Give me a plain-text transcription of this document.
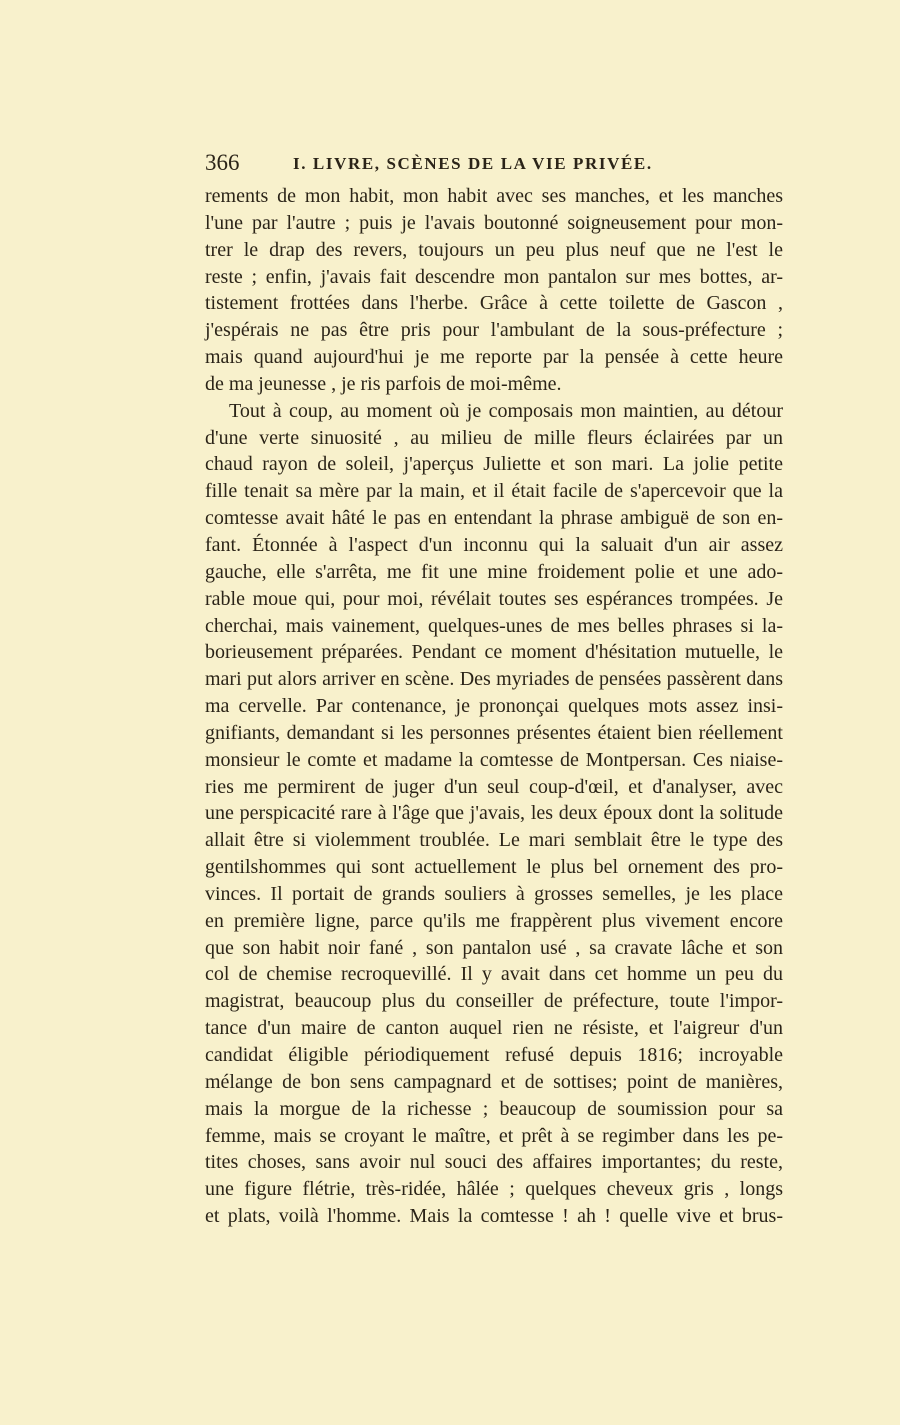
366	I. LIVRE, SCÈNES DE LA VIE PRIVÉE.
rements de mon habit, mon habit avec ses manches, et les manches
l'une par l'autre ; puis je l'avais boutonné soigneusement pour mon-
trer le drap des revers, toujours un peu plus neuf que ne l'est le
reste ; enfin, j'avais fait descendre mon pantalon sur mes bottes, ar-
tistement frottées dans l'herbe. Grâce à cette toilette de Gascon ,
j'espérais ne pas être pris pour l'ambulant de la sous-préfecture ;
mais quand aujourd'hui je me reporte par la pensée à cette heure
de ma jeunesse , je ris parfois de moi-même.
Tout à coup, au moment où je composais mon maintien, au détour
d'une verte sinuosité , au milieu de mille fleurs éclairées par un
chaud rayon de soleil, j'aperçus Juliette et son mari. La jolie petite
fille tenait sa mère par la main, et il était facile de s'apercevoir que la
comtesse avait hâté le pas en entendant la phrase ambiguë de son en-
fant. Étonnée à l'aspect d'un inconnu qui la saluait d'un air assez
gauche, elle s'arrêta, me fit une mine froidement polie et une ado-
rable moue qui, pour moi, révélait toutes ses espérances trompées. Je
cherchai, mais vainement, quelques-unes de mes belles phrases si la-
borieusement préparées. Pendant ce moment d'hésitation mutuelle, le
mari put alors arriver en scène. Des myriades de pensées passèrent dans
ma cervelle. Par contenance, je prononçai quelques mots assez insi-
gnifiants, demandant si les personnes présentes étaient bien réellement
monsieur le comte et madame la comtesse de Montpersan. Ces niaise-
ries me permirent de juger d'un seul coup-d'œil, et d'analyser, avec
une perspicacité rare à l'âge que j'avais, les deux époux dont la solitude
allait être si violemment troublée. Le mari semblait être le type des
gentilshommes qui sont actuellement le plus bel ornement des pro-
vinces. Il portait de grands souliers à grosses semelles, je les place
en première ligne, parce qu'ils me frappèrent plus vivement encore
que son habit noir fané , son pantalon usé , sa cravate lâche et son
col de chemise recroquevillé. Il y avait dans cet homme un peu du
magistrat, beaucoup plus du conseiller de préfecture, toute l'impor-
tance d'un maire de canton auquel rien ne résiste, et l'aigreur d'un
candidat éligible périodiquement refusé depuis 1816; incroyable
mélange de bon sens campagnard et de sottises; point de manières,
mais la morgue de la richesse ; beaucoup de soumission pour sa
femme, mais se croyant le maître, et prêt à se regimber dans les pe-
tites choses, sans avoir nul souci des affaires importantes; du reste,
une figure flétrie, très-ridée, hâlée ; quelques cheveux gris , longs
et plats, voilà l'homme. Mais la comtesse ! ah ! quelle vive et brus-
